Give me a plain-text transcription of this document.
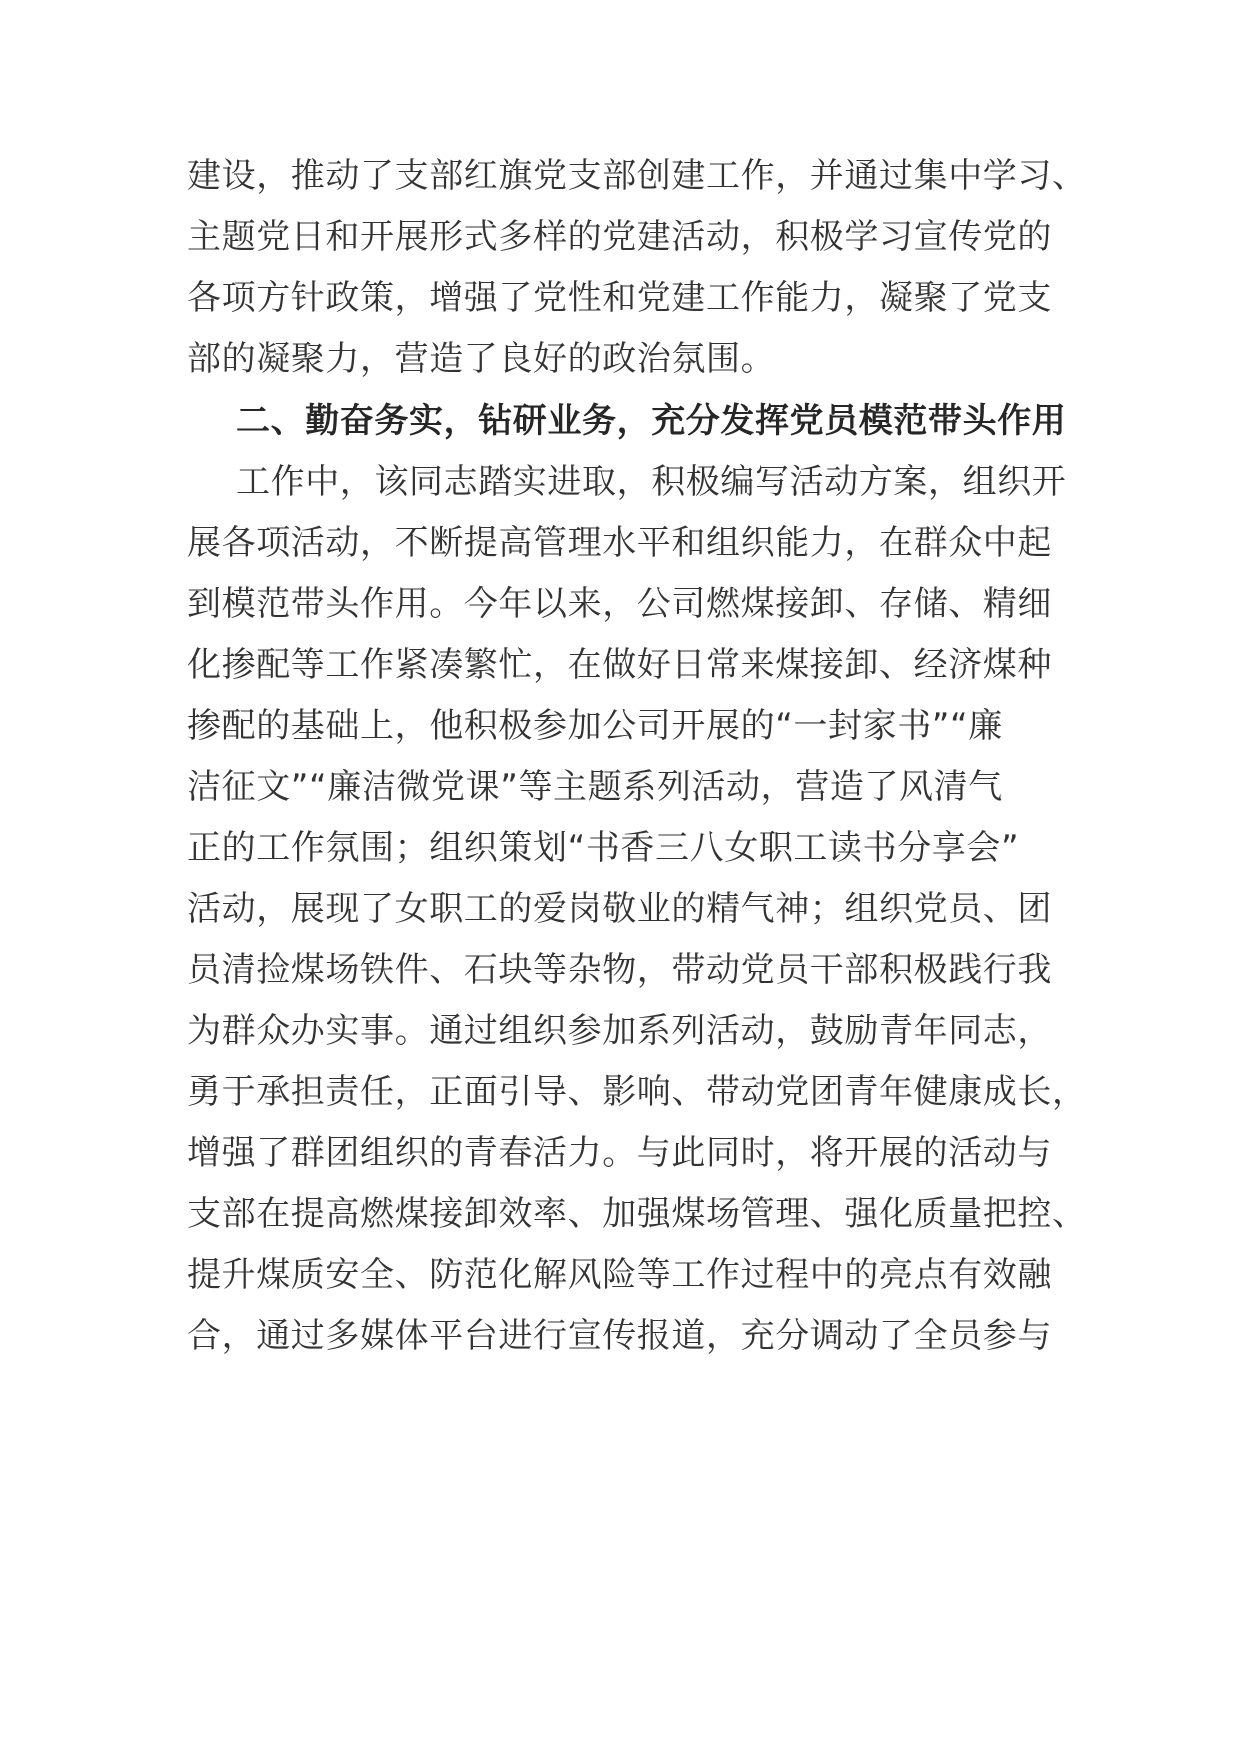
建设，推动了支部红旗党支部创建工作，并通过集中学习、
主题党日和开展形式多样的党建活动，积极学习宣传党的
各项方针政策，增强了党性和党建工作能力，凝聚了党支
部的凝聚力，营造了良好的政治氛围。
二、勤奋务实，钻研业务，充分发挥党员模范带头作用
工作中，该同志踏实进取，积极编写活动方案，组织开
展各项活动，不断提高管理水平和组织能力，在群众中起
到模范带头作用。今年以来，公司燃煤接卸、存储、精细
化掺配等工作紧凑繁忙，在做好日常来煤接卸、经济煤种
掺配的基础上，他积极参加公司开展的“一封家书”“廉
洁征文”“廉洁微党课”等主题系列活动，营造了风清气
正的工作氛围；组织策划“书香三八女职工读书分享会”
活动，展现了女职工的爱岗敬业的精气神；组织党员、团
员清捡煤场铁件、石块等杂物，带动党员干部积极践行我
为群众办实事。通过组织参加系列活动，鼓励青年同志，
勇于承担责任，正面引导、影响、带动党团青年健康成长，
增强了群团组织的青春活力。与此同时，将开展的活动与
支部在提高燃煤接卸效率、加强煤场管理、强化质量把控、
提升煤质安全、防范化解风险等工作过程中的亮点有效融
合，通过多媒体平台进行宣传报道，充分调动了全员参与
